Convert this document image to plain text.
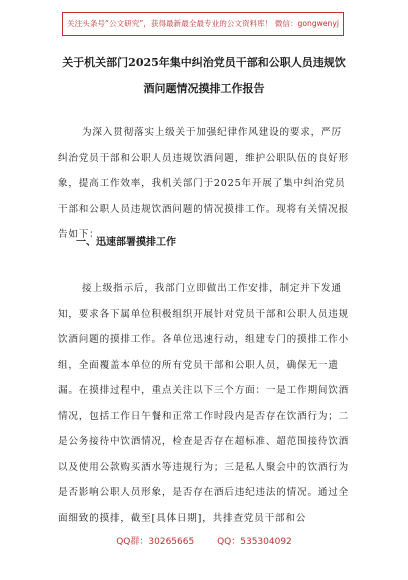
关注头条号“公文研究”，获得最新最全最专业的公文资料库！ 微信：gongwenyj
关于机关部门2025年集中纠治党员干部和公职人员违规饮
酒问题情况摸排工作报告

为深入贯彻落实上级关于加强纪律作风建设的要求，严厉纠治党员干部和公职人员违规饮酒问题，维护公职队伍的良好形象，提高工作效率，我机关部门于2025年开展了集中纠治党员干部和公职人员违规饮酒问题的情况摸排工作。现将有关情况报告如下：

一、迅速部署摸排工作

接上级指示后，我部门立即做出工作安排，制定并下发通知，要求各下属单位积极组织开展针对党员干部和公职人员违规饮酒问题的摸排工作。各单位迅速行动，组建专门的摸排工作小组，全面覆盖本单位的所有党员干部和公职人员，确保无一遗漏。在摸排过程中，重点关注以下三个方面：一是工作期间饮酒情况，包括工作日午餐和正常工作时段内是否存在饮酒行为；二是公务接待中饮酒情况，检查是否存在超标准、超范围接待饮酒以及使用公款购买酒水等违规行为；三是私人聚会中的饮酒行为是否影响公职人员形象，是否存在酒后违纪违法的情况。通过全面细致的摸排，截至[具体日期]，共排查党员干部和公

QQ群：30265665	QQ：535304092
